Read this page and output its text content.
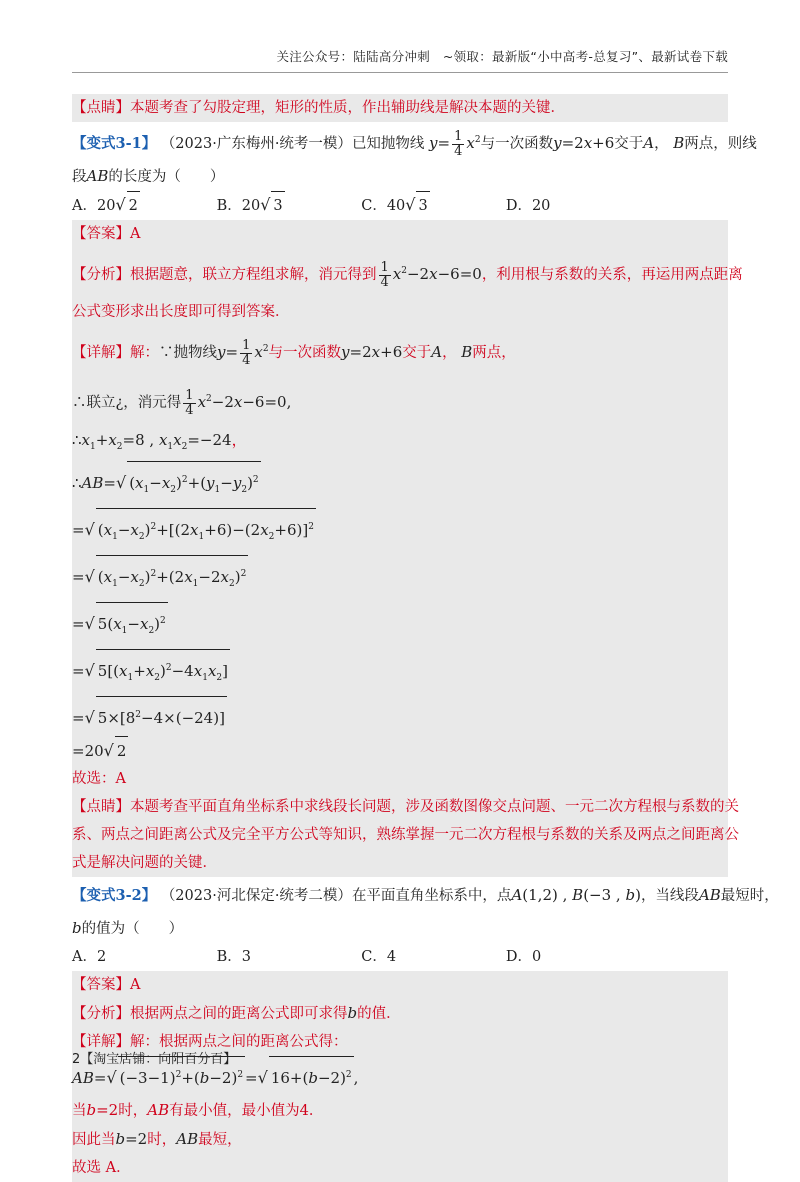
关注公众号：陆陆高分冲刺　~领取：最新版“小中高考-总复习”、最新试卷下载
【点睛】本题考查了勾股定理，矩形的性质，作出辅助线是解决本题的关键．
【变式3-1】 （2023·广东梅州·统考一模）已知抛物线 $y= \frac{1}{4} x^2$与一次函数y=2x+6交于A， B两点，则线
段AB的长度为（　　）
A．20√ 2	B．20√ 3	C．40√ 3	D．20
【答案】A
【分析】根据题意，联立方程组求解，消元得到 $\frac{1}{4} x^2-2x-6=0$，利用根与系数的关系，再运用两点距离
公式变形求出长度即可得到答案．
【详解】解：∵抛物线$y= \frac{1}{4} x^2$与一次函数y=2x+6交于A， B两点，
∴联立¿，消元得 $\frac{1}{4} x^2-2x-6=0$,
$\therefore x_1+x_2=8$ , $x_1x_2=-24$，
∴AB=√ $(x_1-x_2)^2+(y_1-y_2)^2$
=√ $(x_1-x_2)^2+[(2x_1+6)-(2x_2+6)]^2$
=√ $(x_1-x_2)^2+(2x_1-2x_2)^2$
=√ $5(x_1-x_2)^2$
=√ $5[(x_1+x_2)^2-4x_1x_2]$
=√ $5\times[8^2-4\times(-24)]$
=20√ 2
故选：A
【点睛】本题考查平面直角坐标系中求线段长问题，涉及函数图像交点问题、一元二次方程根与系数的关
系、两点之间距离公式及完全平方公式等知识，熟练掌握一元二次方程根与系数的关系及两点之间距离公
式是解决问题的关键．
【变式3-2】 （2023·河北保定·统考二模）在平面直角坐标系中，点A(1,2) , B(−3 , b)，当线段AB最短时，
b的值为（　　）
A．2	B．3	C．4	D．0
【答案】A
【分析】根据两点之间的距离公式即可求得b的值．
【详解】解：根据两点之间的距离公式得：
AB=√ $(-3-1)^2+(b-2)^2$ =√ $16+(b-2)^2$ ,
当b=2时，AB有最小值，最小值为4．
因此当b=2时，AB最短，
故选 A．
2【淘宝店铺：向阳百分百】
